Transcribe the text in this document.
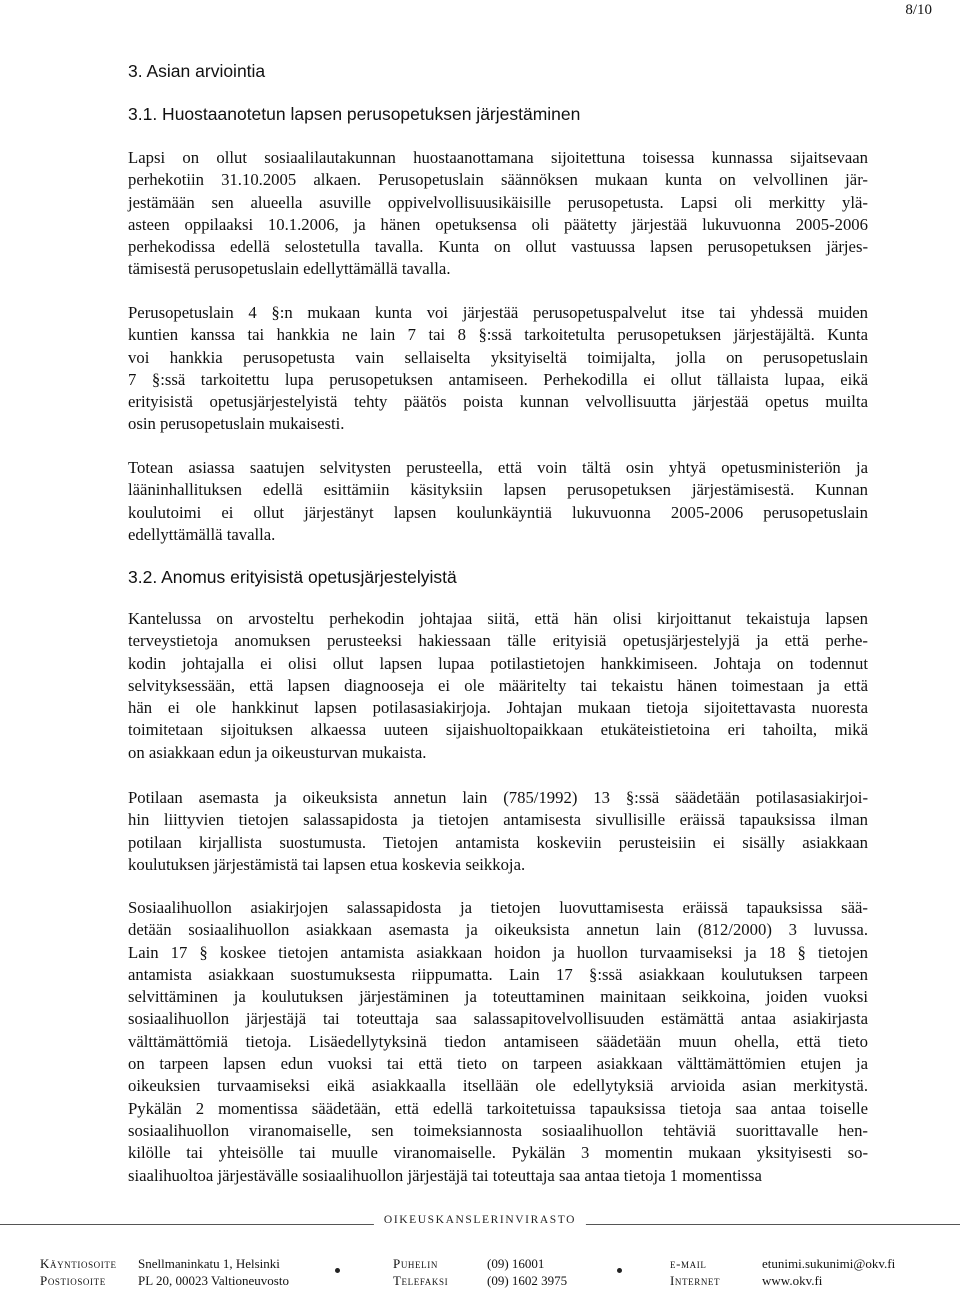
8/10
3. Asian arviointia
3.1. Huostaanotetun lapsen perusopetuksen järjestäminen
Lapsi on ollut sosiaalilautakunnan huostaanottamana sijoitettuna toisessa kunnassa sijaitsevaan
perhekotiin 31.10.2005 alkaen. Perusopetuslain säännöksen mukaan kunta on velvollinen jär-
jestämään sen alueella asuville oppivelvollisuusikäisille perusopetusta. Lapsi oli merkitty ylä-
asteen oppilaaksi 10.1.2006, ja hänen opetuksensa oli päätetty järjestää lukuvuonna 2005-2006
perhekodissa edellä selostetulla tavalla. Kunta on ollut vastuussa lapsen perusopetuksen järjes-
tämisestä perusopetuslain edellyttämällä tavalla.
Perusopetuslain 4 §:n mukaan kunta voi järjestää perusopetuspalvelut itse tai yhdessä muiden
kuntien kanssa tai hankkia ne lain 7 tai 8 §:ssä tarkoitetulta perusopetuksen järjestäjältä. Kunta
voi hankkia perusopetusta vain sellaiselta yksityiseltä toimijalta, jolla on perusopetuslain
7 §:ssä tarkoitettu lupa perusopetuksen antamiseen. Perhekodilla ei ollut tällaista lupaa, eikä
erityisistä opetusjärjestelyistä tehty päätös poista kunnan velvollisuutta järjestää opetus muilta
osin perusopetuslain mukaisesti.
Totean asiassa saatujen selvitysten perusteella, että voin tältä osin yhtyä opetusministeriön ja
lääninhallituksen edellä esittämiin käsityksiin lapsen perusopetuksen järjestämisestä. Kunnan
koulutoimi ei ollut järjestänyt lapsen koulunkäyntiä lukuvuonna 2005-2006 perusopetuslain
edellyttämällä tavalla.
3.2. Anomus erityisistä opetusjärjestelyistä
Kantelussa on arvosteltu perhekodin johtajaa siitä, että hän olisi kirjoittanut tekaistuja lapsen
terveystietoja anomuksen perusteeksi hakiessaan tälle erityisiä opetusjärjestelyjä ja että perhe-
kodin johtajalla ei olisi ollut lapsen lupaa potilastietojen hankkimiseen. Johtaja on todennut
selvityksessään, että lapsen diagnooseja ei ole määritelty tai tekaistu hänen toimestaan ja että
hän ei ole hankkinut lapsen potilasasiakirjoja. Johtajan mukaan tietoja sijoitettavasta nuoresta
toimitetaan sijoituksen alkaessa uuteen sijaishuoltopaikkaan etukäteistietoina eri tahoilta, mikä
on asiakkaan edun ja oikeusturvan mukaista.
Potilaan asemasta ja oikeuksista annetun lain (785/1992) 13 §:ssä säädetään potilasasiakirjoi-
hin liittyvien tietojen salassapidosta ja tietojen antamisesta sivullisille eräissä tapauksissa ilman
potilaan kirjallista suostumusta. Tietojen antamista koskeviin perusteisiin ei sisälly asiakkaan
koulutuksen järjestämistä tai lapsen etua koskevia seikkoja.
Sosiaalihuollon asiakirjojen salassapidosta ja tietojen luovuttamisesta eräissä tapauksissa sää-
detään sosiaalihuollon asiakkaan asemasta ja oikeuksista annetun lain (812/2000) 3 luvussa.
Lain 17 § koskee tietojen antamista asiakkaan hoidon ja huollon turvaamiseksi ja 18 § tietojen
antamista asiakkaan suostumuksesta riippumatta. Lain 17 §:ssä asiakkaan koulutuksen tarpeen
selvittäminen ja koulutuksen järjestäminen ja toteuttaminen mainitaan seikkoina, joiden vuoksi
sosiaalihuollon järjestäjä tai toteuttaja saa salassapitovelvollisuuden estämättä antaa asiakirjasta
välttämättömiä tietoja. Lisäedellytyksinä tiedon antamiseen säädetään muun ohella, että tieto
on tarpeen lapsen edun vuoksi tai että tieto on tarpeen asiakkaan välttämättömien etujen ja
oikeuksien turvaamiseksi eikä asiakkaalla itsellään ole edellytyksiä arvioida asian merkitystä.
Pykälän 2 momentissa säädetään, että edellä tarkoitetuissa tapauksissa tietoja saa antaa toiselle
sosiaalihuollon viranomaiselle, sen toimeksiannosta sosiaalihuollon tehtäviä suorittavalle hen-
kilölle tai yhteisölle tai muulle viranomaiselle. Pykälän 3 momentin mukaan yksityisesti so-
siaalihuoltoa järjestävälle sosiaalihuollon järjestäjä tai toteuttaja saa antaa tietoja 1 momentissa
OIKEUSKANSLERINVIRASTO
Käyntiosoite Snellmaninkatu 1, Helsinki
Postiosoite PL 20, 00023 Valtioneuvosto
Puhelin	(09) 16001
Telefaksi	(09) 1602 3975
e-mail	etunimi.sukunimi@okv.fi
Internet	www.okv.fi
